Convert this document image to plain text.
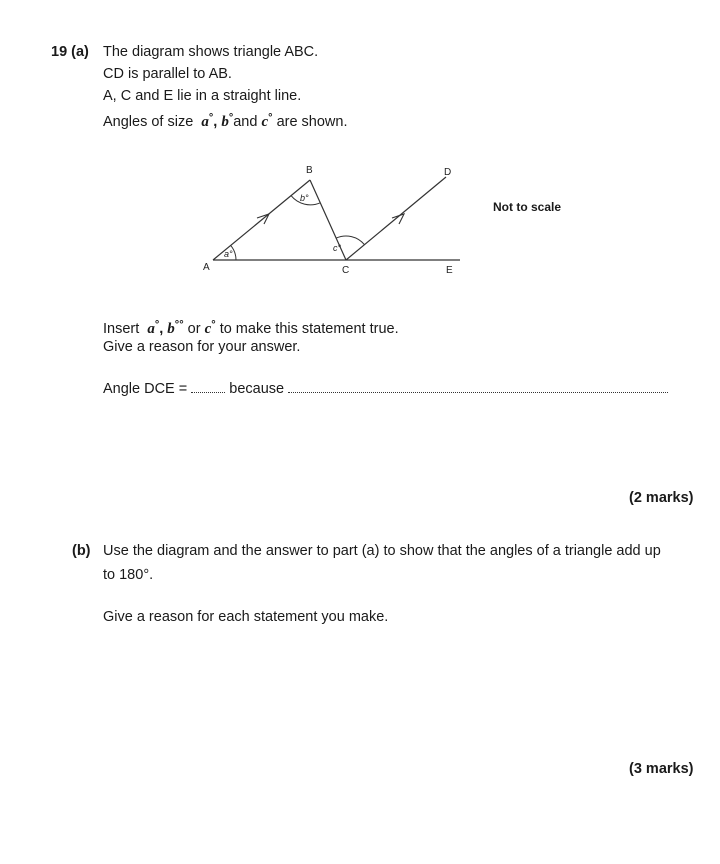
19 (a) The diagram shows triangle ABC.
CD is parallel to AB.
A, C and E lie in a straight line.
Angles of size a°, b°and c° are shown.
a°
b°
c°
A
B
C
D
E
Not to scale
Insert a°, b°° or c° to make this statement true.
Give a reason for your answer.
Angle DCE =	because
(2 marks)
(b) Use the diagram and the answer to part (a) to show that the angles of a triangle add up
to 180°.
Give a reason for each statement you make.
(3 marks)
